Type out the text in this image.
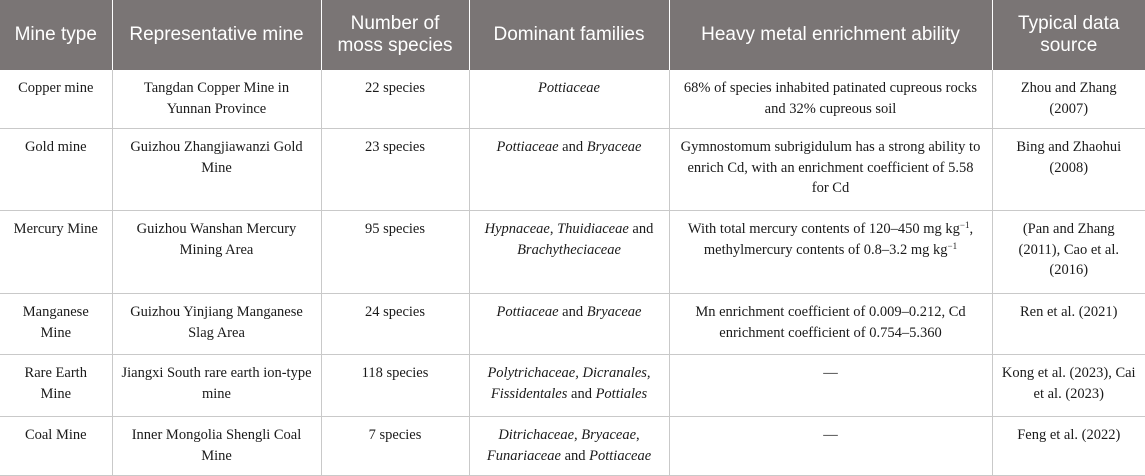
Mine type	Representative mine	Number of moss species	Dominant families	Heavy metal enrichment ability	Typical data source
Copper mine	Tangdan Copper Mine in Yunnan Province	22 species	Pottiaceae	68% of species inhabited patinated cupreous rocks and 32% cupreous soil	Zhou and Zhang (2007)
Gold mine	Guizhou Zhangjiawanzi Gold Mine	23 species	Pottiaceae and Bryaceae	Gymnostomum subrigidulum has a strong ability to enrich Cd, with an enrichment coefficient of 5.58 for Cd	Bing and Zhaohui (2008)
Mercury Mine	Guizhou Wanshan Mercury Mining Area	95 species	Hypnaceae, Thuidiaceae and Brachytheciaceae	With total mercury contents of 120–450 mg $kg^{-1}$, methylmercury contents of 0.8–3.2 mg $kg^{-1}$	(Pan and Zhang (2011), Cao et al. (2016)
Manganese Mine	Guizhou Yinjiang Manganese Slag Area	24 species	Pottiaceae and Bryaceae	Mn enrichment coefficient of 0.009–0.212, Cd enrichment coefficient of 0.754–5.360	Ren et al. (2021)
Rare Earth Mine	Jiangxi South rare earth ion-type mine	118 species	Polytrichaceae, Dicranales, Fissidentales and Pottiales	—	Kong et al. (2023), Cai et al. (2023)
Coal Mine	Inner Mongolia Shengli Coal Mine	7 species	Ditrichaceae, Bryaceae, Funariaceae and Pottiaceae	—	Feng et al. (2022)
